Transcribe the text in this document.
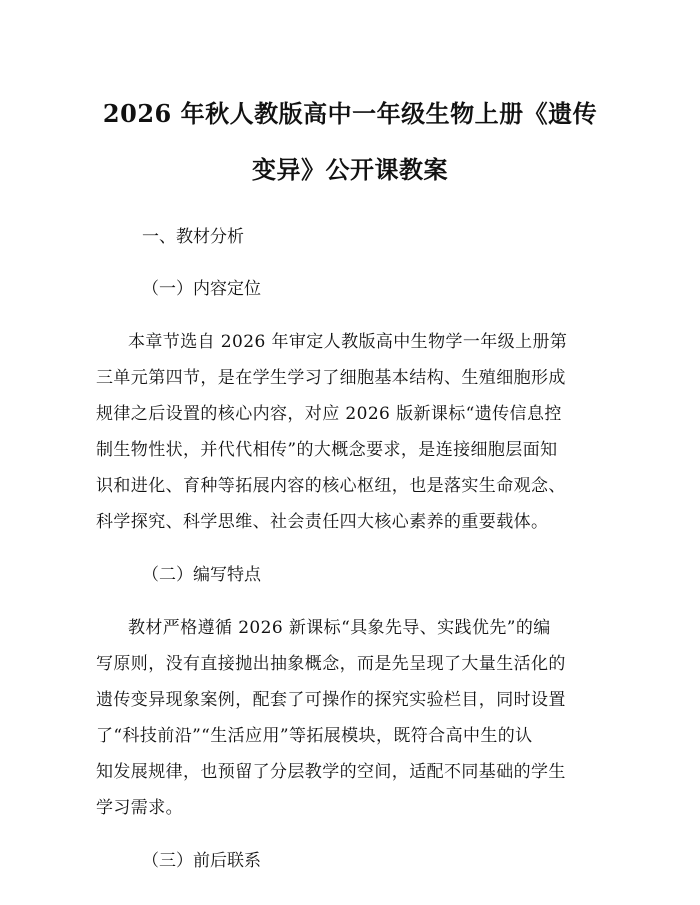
2026 年秋人教版高中一年级生物上册《遗传
变异》公开课教案

一、教材分析

（一）内容定位

本章节选自 2026 年审定人教版高中生物学一年级上册第
三单元第四节，是在学生学习了细胞基本结构、生殖细胞形成
规律之后设置的核心内容，对应 2026 版新课标“遗传信息控
制生物性状，并代代相传”的大概念要求，是连接细胞层面知
识和进化、育种等拓展内容的核心枢纽，也是落实生命观念、
科学探究、科学思维、社会责任四大核心素养的重要载体。

（二）编写特点

教材严格遵循 2026 新课标“具象先导、实践优先”的编
写原则，没有直接抛出抽象概念，而是先呈现了大量生活化的
遗传变异现象案例，配套了可操作的探究实验栏目，同时设置
了“科技前沿”“生活应用”等拓展模块，既符合高中生的认
知发展规律，也预留了分层教学的空间，适配不同基础的学生
学习需求。

（三）前后联系
